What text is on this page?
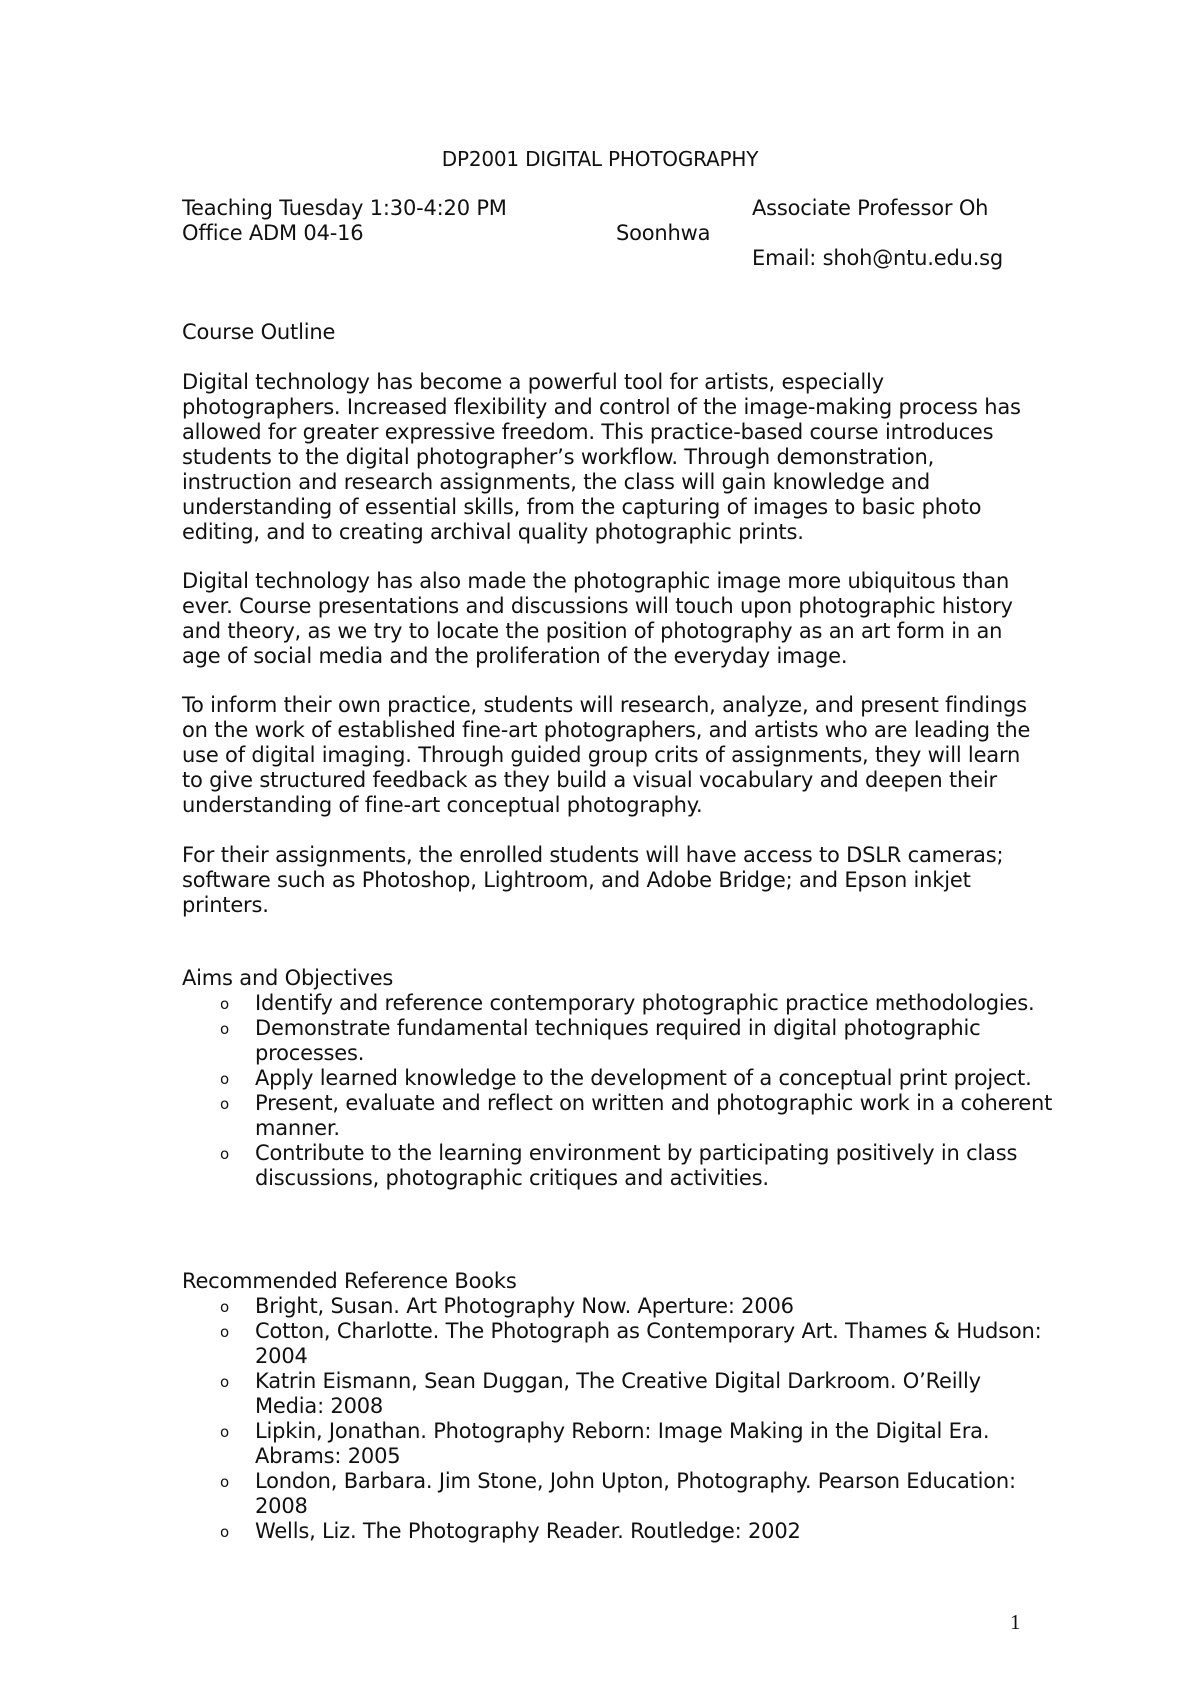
DP2001 DIGITAL PHOTOGRAPHY
Teaching Tuesday 1:30-4:20 PM	Associate Professor Oh
Office ADM 04-16	Soonhwa
Email: shoh@ntu.edu.sg
Course Outline

Digital technology has become a powerful tool for artists, especially photographers. Increased flexibility and control of the image-making process has allowed for greater expressive freedom. This practice-based course introduces students to the digital photographer’s workflow. Through demonstration, instruction and research assignments, the class will gain knowledge and understanding of essential skills, from the capturing of images to basic photo editing, and to creating archival quality photographic prints.

Digital technology has also made the photographic image more ubiquitous than ever. Course presentations and discussions will touch upon photographic history and theory, as we try to locate the position of photography as an art form in an age of social media and the proliferation of the everyday image.

To inform their own practice, students will research, analyze, and present findings on the work of established fine-art photographers, and artists who are leading the use of digital imaging. Through guided group crits of assignments, they will learn to give structured feedback as they build a visual vocabulary and deepen their understanding of fine-art conceptual photography.

For their assignments, the enrolled students will have access to DSLR cameras; software such as Photoshop, Lightroom, and Adobe Bridge; and Epson inkjet printers.

Aims and Objectives
o Identify and reference contemporary photographic practice methodologies.
o Demonstrate fundamental techniques required in digital photographic processes.
o Apply learned knowledge to the development of a conceptual print project.
o Present, evaluate and reflect on written and photographic work in a coherent manner.
o Contribute to the learning environment by participating positively in class discussions, photographic critiques and activities.
Recommended Reference Books
o Bright, Susan. Art Photography Now. Aperture: 2006
o Cotton, Charlotte. The Photograph as Contemporary Art. Thames & Hudson: 2004
o Katrin Eismann, Sean Duggan, The Creative Digital Darkroom. O’Reilly Media: 2008
o Lipkin, Jonathan. Photography Reborn: Image Making in the Digital Era. Abrams: 2005
o London, Barbara. Jim Stone, John Upton, Photography. Pearson Education: 2008
o Wells, Liz. The Photography Reader. Routledge: 2002
1
